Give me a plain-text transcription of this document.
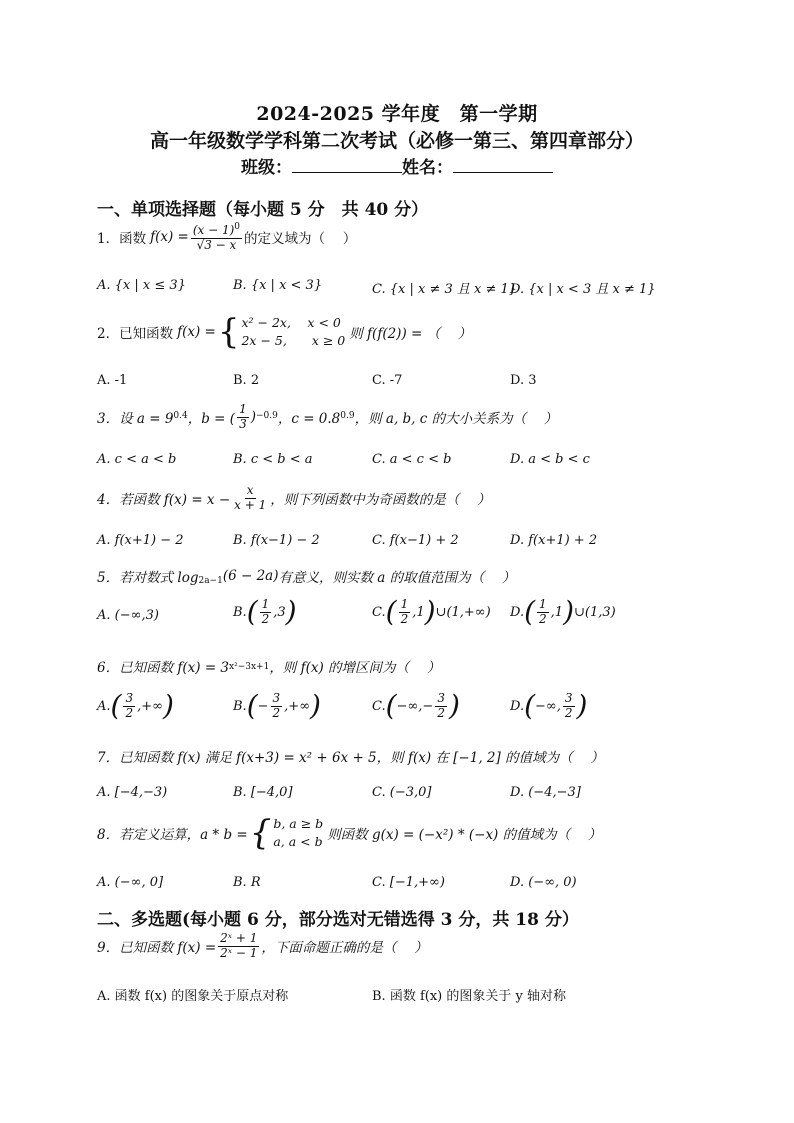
2024-2025 学年度　第一学期
高一年级数学学科第二次考试（必修一第三、第四章部分）
班级：	姓名：
一、单项选择题（每小题 5 分　共 40 分）
1．函数 $f(x) = \frac{(x - 1)^0}{√3 - x}$ 的定义域为（　 ）
A. {x | x ≤ 3}	B. {x | x < 3}	C. {x | x ≠ 3 且 x ≠ 1}
D. {x | x < 3 且 x ≠ 1}
2．已知函数 f(x) = { x² − 2x,　 x < 0
2x − 5,　　x ≥ 0 则 f(f(2)) = （　 ）
A. -1	B. 2	C. -7	D. 3
3．设 a = 9 0.4 ，b = ( $\frac{1}{3}$ ) −0.9 ，c = 0.8 0.9 ，则 a, b, c 的大小关系为（　 ）
A. c < a < b	B. c < b < a	C. a < c < b	D. a < b < c
4．若函数 $f(x) = x - \frac{x}{x + 1}$ ，则下列函数中为奇函数的是（　 ）
A. f(x+1) − 2	B. f(x−1) − 2	C. f(x−1) + 2	D. f(x+1) + 2
5．若对数式 $\log_{2a-1} (6 - 2a)$ 有意义，则实数 a 的取值范围为（　 ）
A. (−∞,3)	B. ( $\frac{1}{2} ,3$ )	C. ( $\frac{1}{2} ,1$ ) ∪(1,+∞) D. ( $\frac{1}{2} ,1$ ) ∪(1,3)
6．已知函数 f(x) = 3 x²−3x+1 ，则 f(x) 的增区间为（　 ）
A. ( $\frac{3}{2}$ ,+∞ )	B. ( − $\frac{3}{2}$ ,+∞ )	C. ( −∞,− $\frac{3}{2}$ )	D. ( −∞, $\frac{3}{2}$ )
7．已知函数 f(x) 满足 f(x+3) = x² + 6x + 5，则 f(x) 在 [−1, 2] 的值域为（　 ）
A. [−4,−3)	B. [−4,0]	C. (−3,0]	D. (−4,−3]
8．若定义运算，a * b = { b, a ≥ b
a, a < b 则函数 g(x) = (−x²) * (−x) 的值域为（　 ）
A. (−∞, 0]	B. R	C. [−1,+∞)	D. (−∞, 0)
二、多选题(每小题 6 分，部分选对无错选得 3 分，共 18 分）
9．已知函数 $f(x) = \frac{\text{2ˣ + 1}}{\text{2ˣ − 1}}$ ，下面命题正确的是（　 ）
A. 函数 f(x) 的图象关于原点对称	B. 函数 f(x) 的图象关于 y 轴对称
